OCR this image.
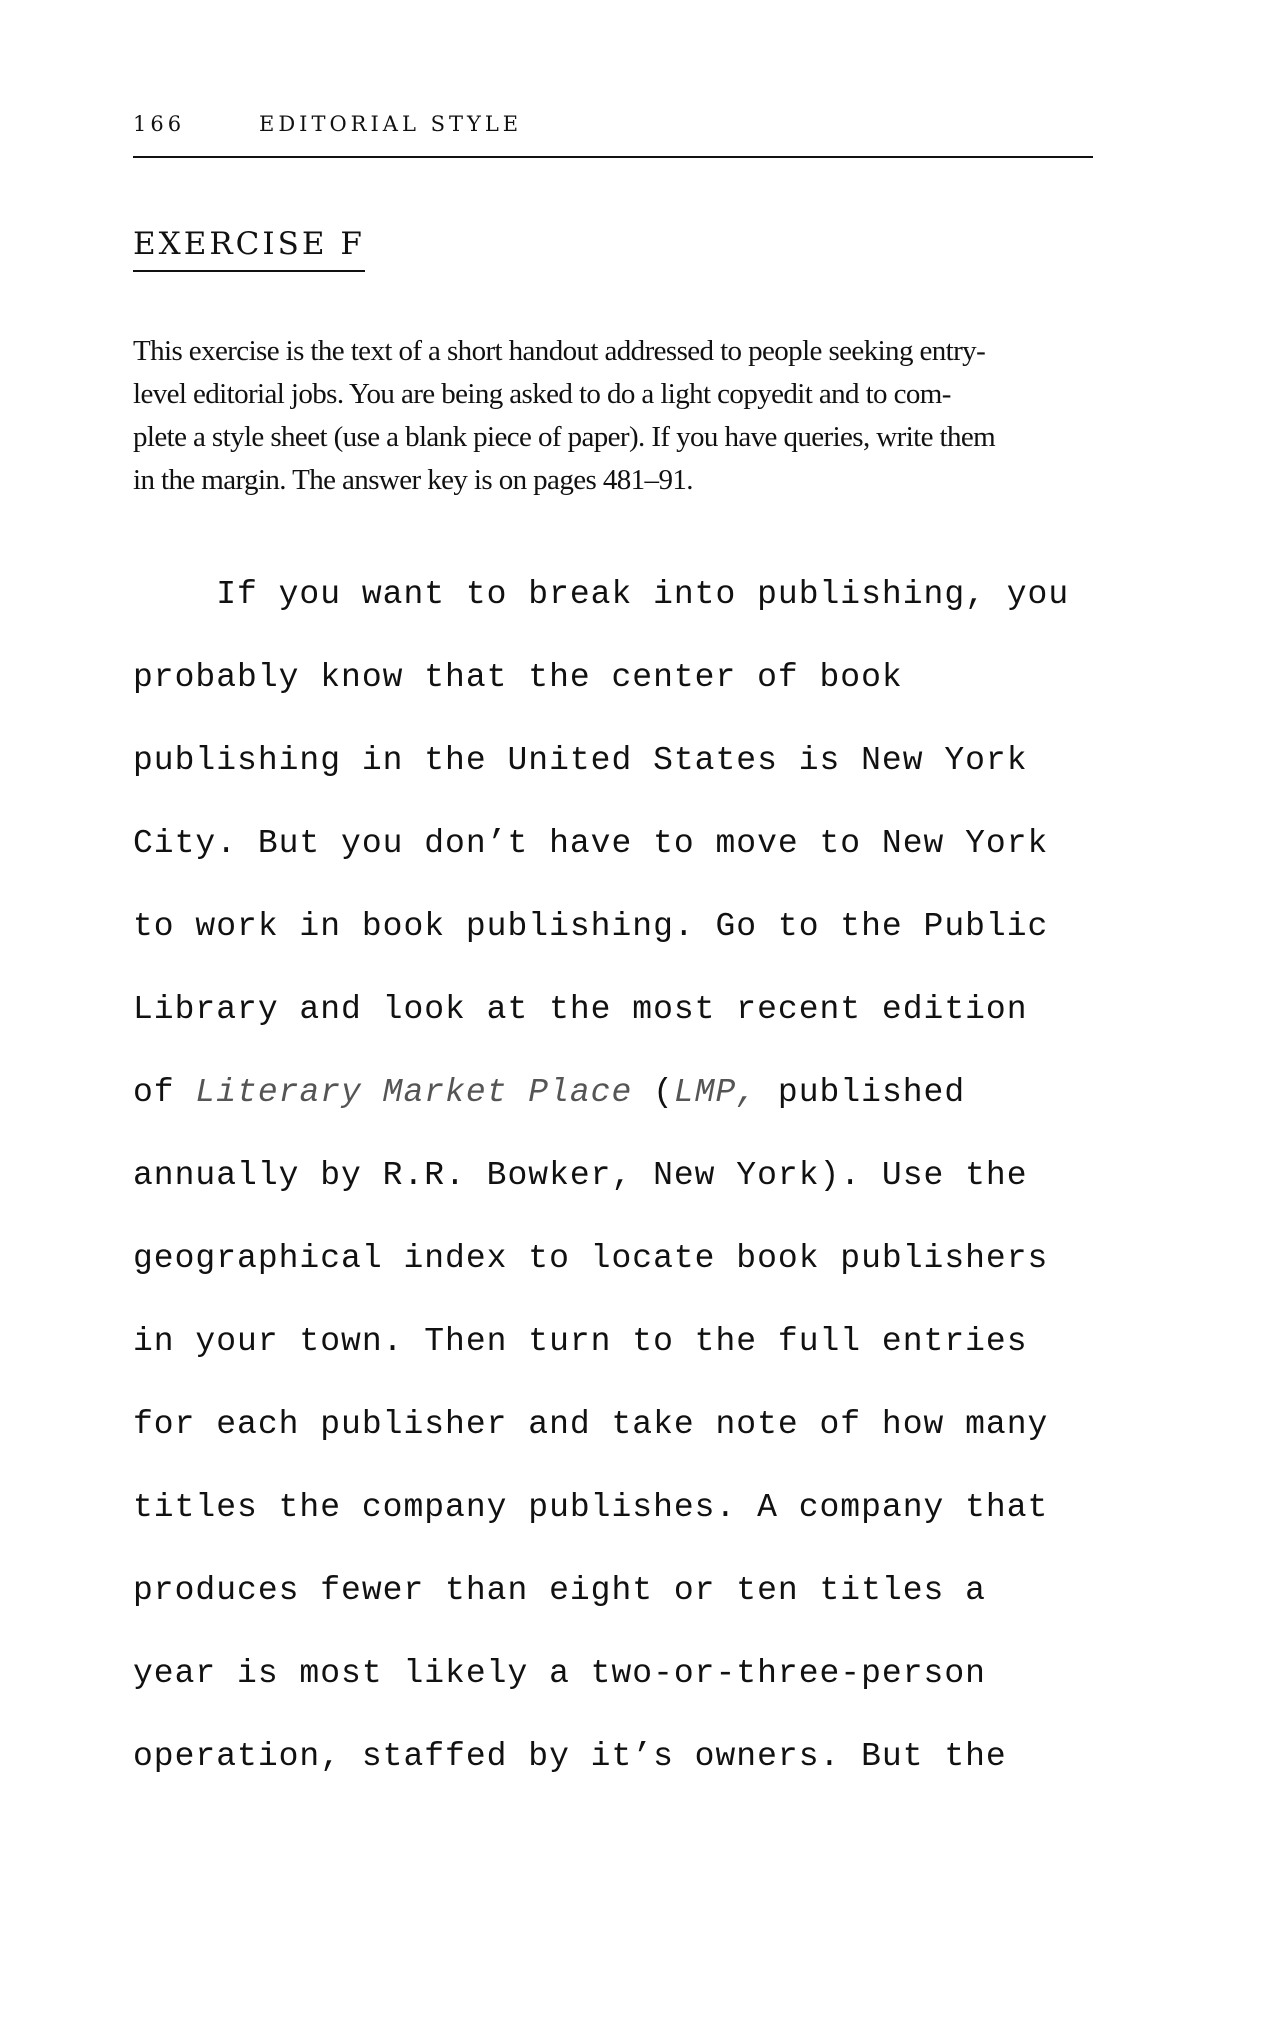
166	EDITORIAL STYLE
EXERCISE F
This exercise is the text of a short handout addressed to people seeking entry-
level editorial jobs. You are being asked to do a light copyedit and to com-
plete a style sheet (use a blank piece of paper). If you have queries, write them
in the margin. The answer key is on pages 481–91.
If you want to break into publishing, you
probably know that the center of book
publishing in the United States is New York
City. But you don’t have to move to New York
to work in book publishing. Go to the Public
Library and look at the most recent edition
of Literary Market Place (LMP, published
annually by R.R. Bowker, New York). Use the
geographical index to locate book publishers
in your town. Then turn to the full entries
for each publisher and take note of how many
titles the company publishes. A company that
produces fewer than eight or ten titles a
year is most likely a two-or-three-person
operation, staffed by it’s owners. But the
